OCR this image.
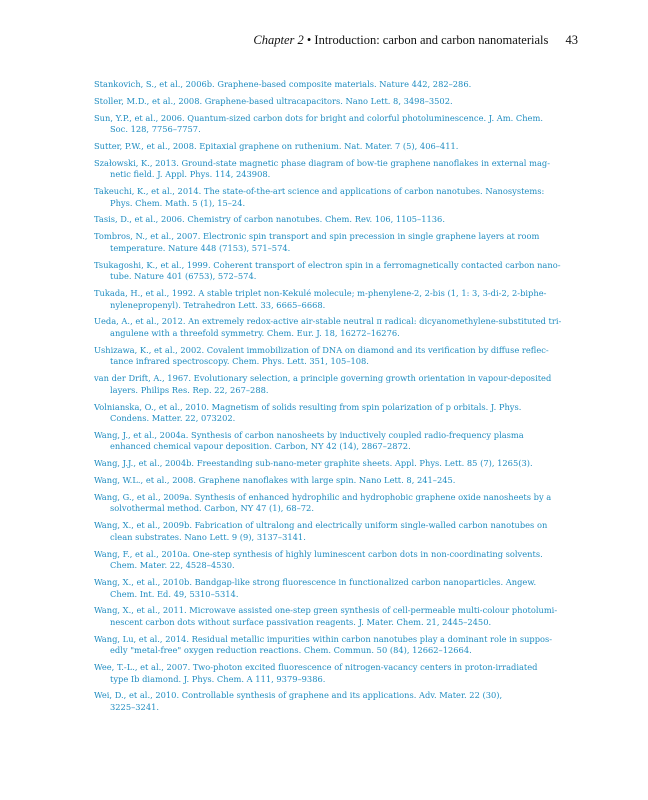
Chapter 2 • Introduction: carbon and carbon nanomaterials 43
Stankovich, S., et al., 2006b. Graphene-based composite materials. Nature 442, 282–286.
Stoller, M.D., et al., 2008. Graphene-based ultracapacitors. Nano Lett. 8, 3498–3502.
Sun, Y.P., et al., 2006. Quantum-sized carbon dots for bright and colorful photoluminescence. J. Am. Chem.
Soc. 128, 7756–7757.
Sutter, P.W., et al., 2008. Epitaxial graphene on ruthenium. Nat. Mater. 7 (5), 406–411.
Szałowski, K., 2013. Ground-state magnetic phase diagram of bow-tie graphene nanoflakes in external mag-
netic field. J. Appl. Phys. 114, 243908.
Takeuchi, K., et al., 2014. The state-of-the-art science and applications of carbon nanotubes. Nanosystems:
Phys. Chem. Math. 5 (1), 15–24.
Tasis, D., et al., 2006. Chemistry of carbon nanotubes. Chem. Rev. 106, 1105–1136.
Tombros, N., et al., 2007. Electronic spin transport and spin precession in single graphene layers at room
temperature. Nature 448 (7153), 571–574.
Tsukagoshi, K., et al., 1999. Coherent transport of electron spin in a ferromagnetically contacted carbon nano-
tube. Nature 401 (6753), 572–574.
Tukada, H., et al., 1992. A stable triplet non-Kekulé molecule; m-phenylene-2, 2-bis (1, 1: 3, 3-di-2, 2-biphe-
nylenepropenyl). Tetrahedron Lett. 33, 6665–6668.
Ueda, A., et al., 2012. An extremely redox-active air-stable neutral π radical: dicyanomethylene-substituted tri-
angulene with a threefold symmetry. Chem. Eur. J. 18, 16272–16276.
Ushizawa, K., et al., 2002. Covalent immobilization of DNA on diamond and its verification by diffuse reflec-
tance infrared spectroscopy. Chem. Phys. Lett. 351, 105–108.
van der Drift, A., 1967. Evolutionary selection, a principle governing growth orientation in vapour-deposited
layers. Philips Res. Rep. 22, 267–288.
Volnianska, O., et al., 2010. Magnetism of solids resulting from spin polarization of p orbitals. J. Phys.
Condens. Matter. 22, 073202.
Wang, J., et al., 2004a. Synthesis of carbon nanosheets by inductively coupled radio-frequency plasma
enhanced chemical vapour deposition. Carbon, NY 42 (14), 2867–2872.
Wang, J.J., et al., 2004b. Freestanding sub-nano-meter graphite sheets. Appl. Phys. Lett. 85 (7), 1265(3).
Wang, W.L., et al., 2008. Graphene nanoflakes with large spin. Nano Lett. 8, 241–245.
Wang, G., et al., 2009a. Synthesis of enhanced hydrophilic and hydrophobic graphene oxide nanosheets by a
solvothermal method. Carbon, NY 47 (1), 68–72.
Wang, X., et al., 2009b. Fabrication of ultralong and electrically uniform single-walled carbon nanotubes on
clean substrates. Nano Lett. 9 (9), 3137–3141.
Wang, F., et al., 2010a. One-step synthesis of highly luminescent carbon dots in non-coordinating solvents.
Chem. Mater. 22, 4528–4530.
Wang, X., et al., 2010b. Bandgap-like strong fluorescence in functionalized carbon nanoparticles. Angew.
Chem. Int. Ed. 49, 5310–5314.
Wang, X., et al., 2011. Microwave assisted one-step green synthesis of cell-permeable multi-colour photolumi-
nescent carbon dots without surface passivation reagents. J. Mater. Chem. 21, 2445–2450.
Wang, Lu, et al., 2014. Residual metallic impurities within carbon nanotubes play a dominant role in suppos-
edly "metal-free" oxygen reduction reactions. Chem. Commun. 50 (84), 12662–12664.
Wee, T.-L., et al., 2007. Two-photon excited fluorescence of nitrogen-vacancy centers in proton-irradiated
type Ib diamond. J. Phys. Chem. A 111, 9379–9386.
Wei, D., et al., 2010. Controllable synthesis of graphene and its applications. Adv. Mater. 22 (30),
3225–3241.
